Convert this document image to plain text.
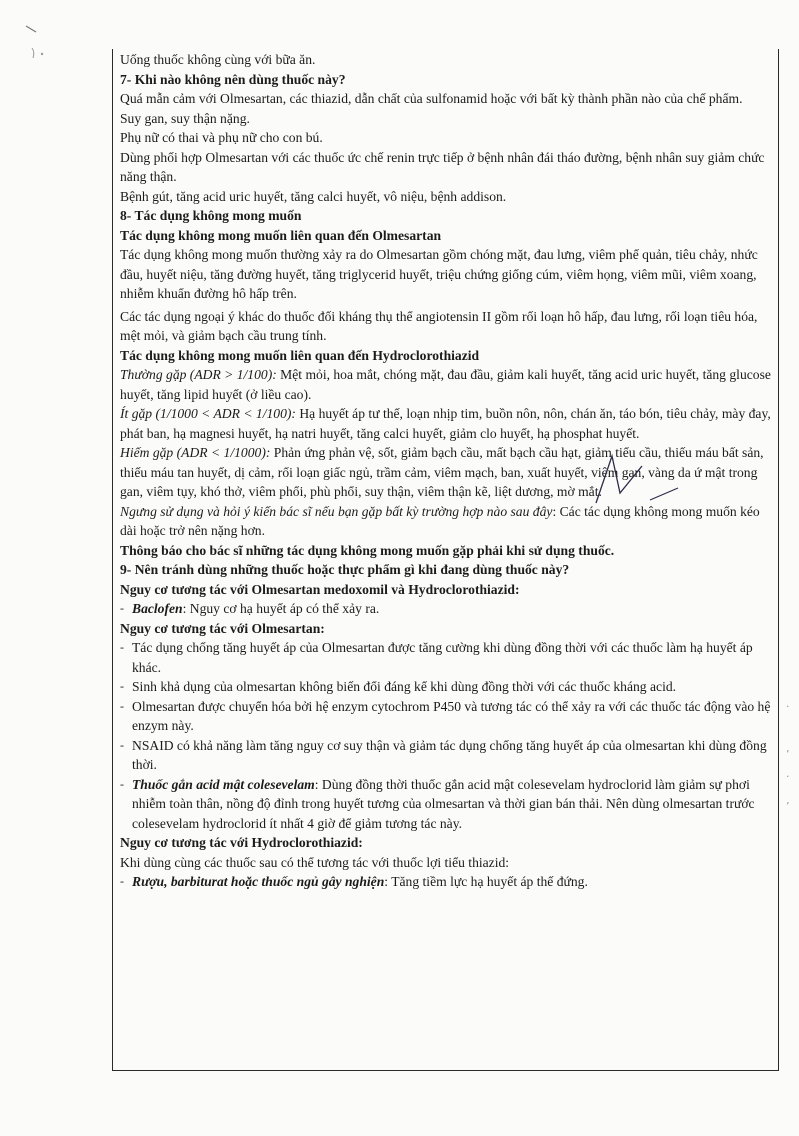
·
ʼ
·
ʼ

Uống thuốc không cùng với bữa ăn.

7- Khi nào không nên dùng thuốc này?

Quá mẫn cảm với Olmesartan, các thiazid, dẫn chất của sulfonamid hoặc với bất kỳ thành phần nào của chế phẩm.

Suy gan, suy thận nặng.

Phụ nữ có thai và phụ nữ cho con bú.

Dùng phối hợp Olmesartan với các thuốc ức chế renin trực tiếp ở bệnh nhân đái tháo đường, bệnh nhân suy giảm chức năng thận.

Bệnh gút, tăng acid uric huyết, tăng calci huyết, vô niệu, bệnh addison.

8- Tác dụng không mong muốn

Tác dụng không mong muốn liên quan đến Olmesartan

Tác dụng không mong muốn thường xảy ra do Olmesartan gồm chóng mặt, đau lưng, viêm phế quản, tiêu chảy, nhức đầu, huyết niệu, tăng đường huyết, tăng triglycerid huyết, triệu chứng giống cúm, viêm họng, viêm mũi, viêm xoang, nhiễm khuẩn đường hô hấp trên.

Các tác dụng ngoại ý khác do thuốc đối kháng thụ thể angiotensin II gồm rối loạn hô hấp, đau lưng, rối loạn tiêu hóa, mệt mỏi, và giảm bạch cầu trung tính.

Tác dụng không mong muốn liên quan đến Hydroclorothiazid

Thường gặp (ADR > 1/100): Mệt mỏi, hoa mắt, chóng mặt, đau đầu, giảm kali huyết, tăng acid uric huyết, tăng glucose huyết, tăng lipid huyết (ở liều cao).

Ít gặp (1/1000 < ADR < 1/100): Hạ huyết áp tư thế, loạn nhịp tim, buồn nôn, nôn, chán ăn, táo bón, tiêu chảy, mày đay, phát ban, hạ magnesi huyết, hạ natri huyết, tăng calci huyết, giảm clo huyết, hạ phosphat huyết.

Hiếm gặp (ADR < 1/1000): Phản ứng phản vệ, sốt, giảm bạch cầu, mất bạch cầu hạt, giảm tiểu cầu, thiếu máu bất sản, thiếu máu tan huyết, dị cảm, rối loạn giấc ngủ, trầm cảm, viêm mạch, ban, xuất huyết, viêm gan, vàng da ứ mật trong gan, viêm tụy, khó thở, viêm phổi, phù phổi, suy thận, viêm thận kẽ, liệt dương, mờ mắt.

Ngưng sử dụng và hỏi ý kiến bác sĩ nếu bạn gặp bất kỳ trường hợp nào sau đây: Các tác dụng không mong muốn kéo dài hoặc trở nên nặng hơn.

Thông báo cho bác sĩ những tác dụng không mong muốn gặp phải khi sử dụng thuốc.

9- Nên tránh dùng những thuốc hoặc thực phẩm gì khi đang dùng thuốc này?

Nguy cơ tương tác với Olmesartan medoxomil và Hydroclorothiazid:

- Baclofen: Nguy cơ hạ huyết áp có thể xảy ra.

Nguy cơ tương tác với Olmesartan:

- Tác dụng chống tăng huyết áp của Olmesartan được tăng cường khi dùng đồng thời với các thuốc làm hạ huyết áp khác.

- Sinh khả dụng của olmesartan không biến đổi đáng kể khi dùng đồng thời với các thuốc kháng acid.

- Olmesartan được chuyển hóa bởi hệ enzym cytochrom P450 và tương tác có thể xảy ra với các thuốc tác động vào hệ enzym này.

- NSAID có khả năng làm tăng nguy cơ suy thận và giảm tác dụng chống tăng huyết áp của olmesartan khi dùng đồng thời.

- Thuốc gắn acid mật colesevelam: Dùng đồng thời thuốc gắn acid mật colesevelam hydroclorid làm giảm sự phơi nhiễm toàn thân, nồng độ đỉnh trong huyết tương của olmesartan và thời gian bán thải. Nên dùng olmesartan trước colesevelam hydroclorid ít nhất 4 giờ để giảm tương tác này.

Nguy cơ tương tác với Hydroclorothiazid:

Khi dùng cùng các thuốc sau có thể tương tác với thuốc lợi tiểu thiazid:

- Rượu, barbiturat hoặc thuốc ngủ gây nghiện: Tăng tiềm lực hạ huyết áp thế đứng.
